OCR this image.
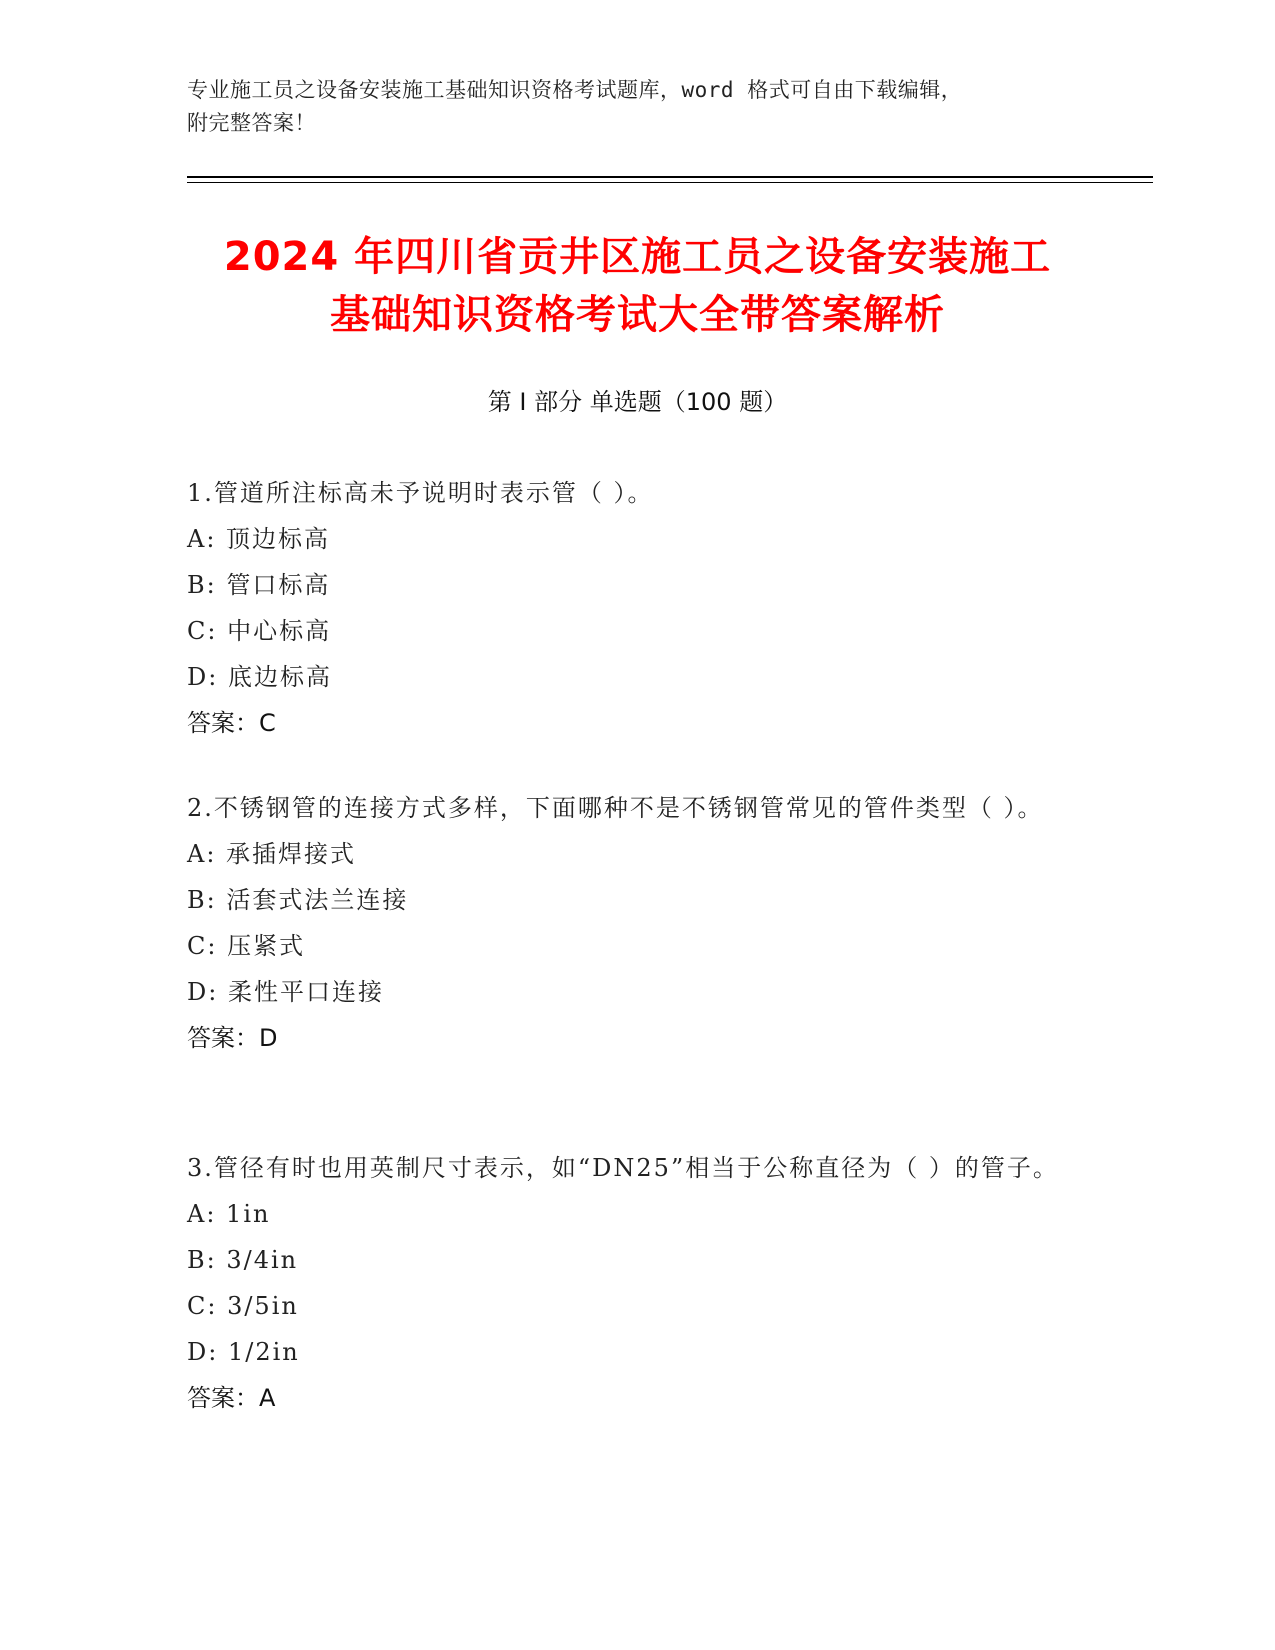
专业施工员之设备安装施工基础知识资格考试题库，word 格式可自由下载编辑，
附完整答案！
2024 年四川省贡井区施工员之设备安装施工
基础知识资格考试大全带答案解析
第 I 部分 单选题（100 题）
1.管道所注标高未予说明时表示管（ ）。
A: 顶边标高
B: 管口标高
C: 中心标高
D: 底边标高
答案：C
2.不锈钢管的连接方式多样，下面哪种不是不锈钢管常见的管件类型（ ）。
A: 承插焊接式
B: 活套式法兰连接
C: 压紧式
D: 柔性平口连接
答案：D
3.管径有时也用英制尺寸表示，如“DN25”相当于公称直径为（ ）的管子。
A: 1in
B: 3/4in
C: 3/5in
D: 1/2in
答案：A
